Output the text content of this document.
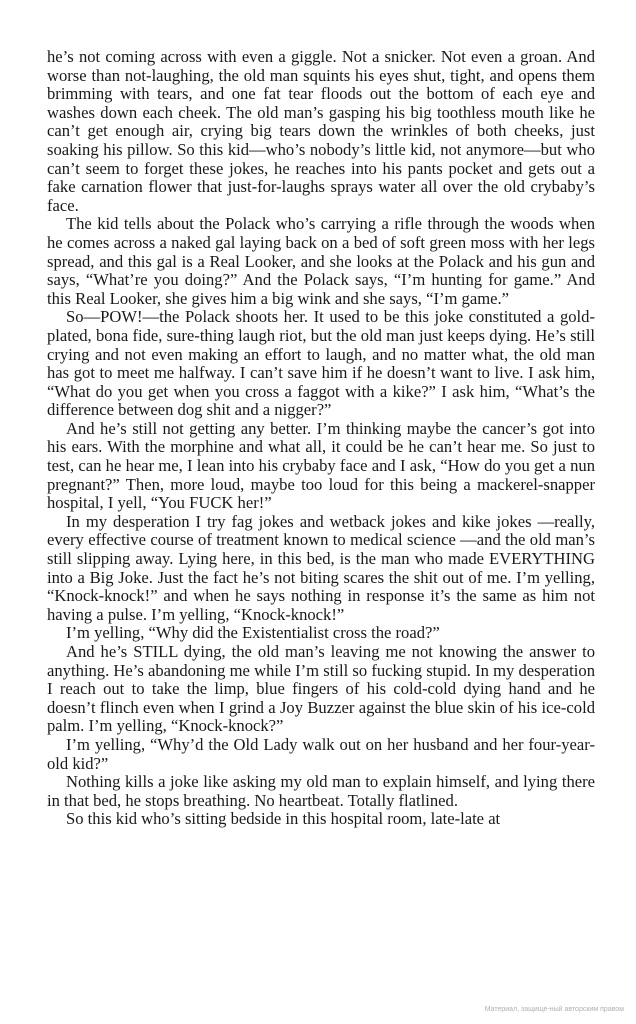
he’s not coming across with even a giggle. Not a snicker. Not even a groan. And worse than not-laughing, the old man squints his eyes shut, tight, and opens them brimming with tears, and one fat tear floods out the bottom of each eye and washes down each cheek. The old man’s gasping his big toothless mouth like he can’t get enough air, crying big tears down the wrinkles of both cheeks, just soaking his pillow. So this kid—who’s nobody’s little kid, not anymore—but who can’t seem to forget these jokes, he reaches into his pants pocket and gets out a fake carnation flower that just-for-laughs sprays water all over the old crybaby’s face.

The kid tells about the Polack who’s carrying a rifle through the woods when he comes across a naked gal laying back on a bed of soft green moss with her legs spread, and this gal is a Real Looker, and she looks at the Polack and his gun and says, “What’re you doing?” And the Polack says, “I’m hunting for game.” And this Real Looker, she gives him a big wink and she says, “I’m game.”

So—POW!—the Polack shoots her. It used to be this joke constituted a gold-plated, bona fide, sure-thing laugh riot, but the old man just keeps dying. He’s still crying and not even making an effort to laugh, and no matter what, the old man has got to meet me halfway. I can’t save him if he doesn’t want to live. I ask him, “What do you get when you cross a faggot with a kike?” I ask him, “What’s the difference between dog shit and a nigger?”

And he’s still not getting any better. I’m thinking maybe the cancer’s got into his ears. With the morphine and what all, it could be he can’t hear me. So just to test, can he hear me, I lean into his crybaby face and I ask, “How do you get a nun pregnant?” Then, more loud, maybe too loud for this being a mackerel-snapper hospital, I yell, “You FUCK her!”

In my desperation I try fag jokes and wetback jokes and kike jokes —really, every effective course of treatment known to medical science —and the old man’s still slipping away. Lying here, in this bed, is the man who made EVERYTHING into a Big Joke. Just the fact he’s not biting scares the shit out of me. I’m yelling, “Knock-knock!” and when he says nothing in response it’s the same as him not having a pulse. I’m yelling, “Knock-knock!”

I’m yelling, “Why did the Existentialist cross the road?”

And he’s STILL dying, the old man’s leaving me not knowing the answer to anything. He’s abandoning me while I’m still so fucking stupid. In my desperation I reach out to take the limp, blue fingers of his cold-cold dying hand and he doesn’t flinch even when I grind a Joy Buzzer against the blue skin of his ice-cold palm. I’m yelling, “Knock-knock?”

I’m yelling, “Why’d the Old Lady walk out on her husband and her four-year-old kid?”

Nothing kills a joke like asking my old man to explain himself, and lying there in that bed, he stops breathing. No heartbeat. Totally flatlined.

So this kid who’s sitting bedside in this hospital room, late-late at

Материал, защище-ный авторским правом
